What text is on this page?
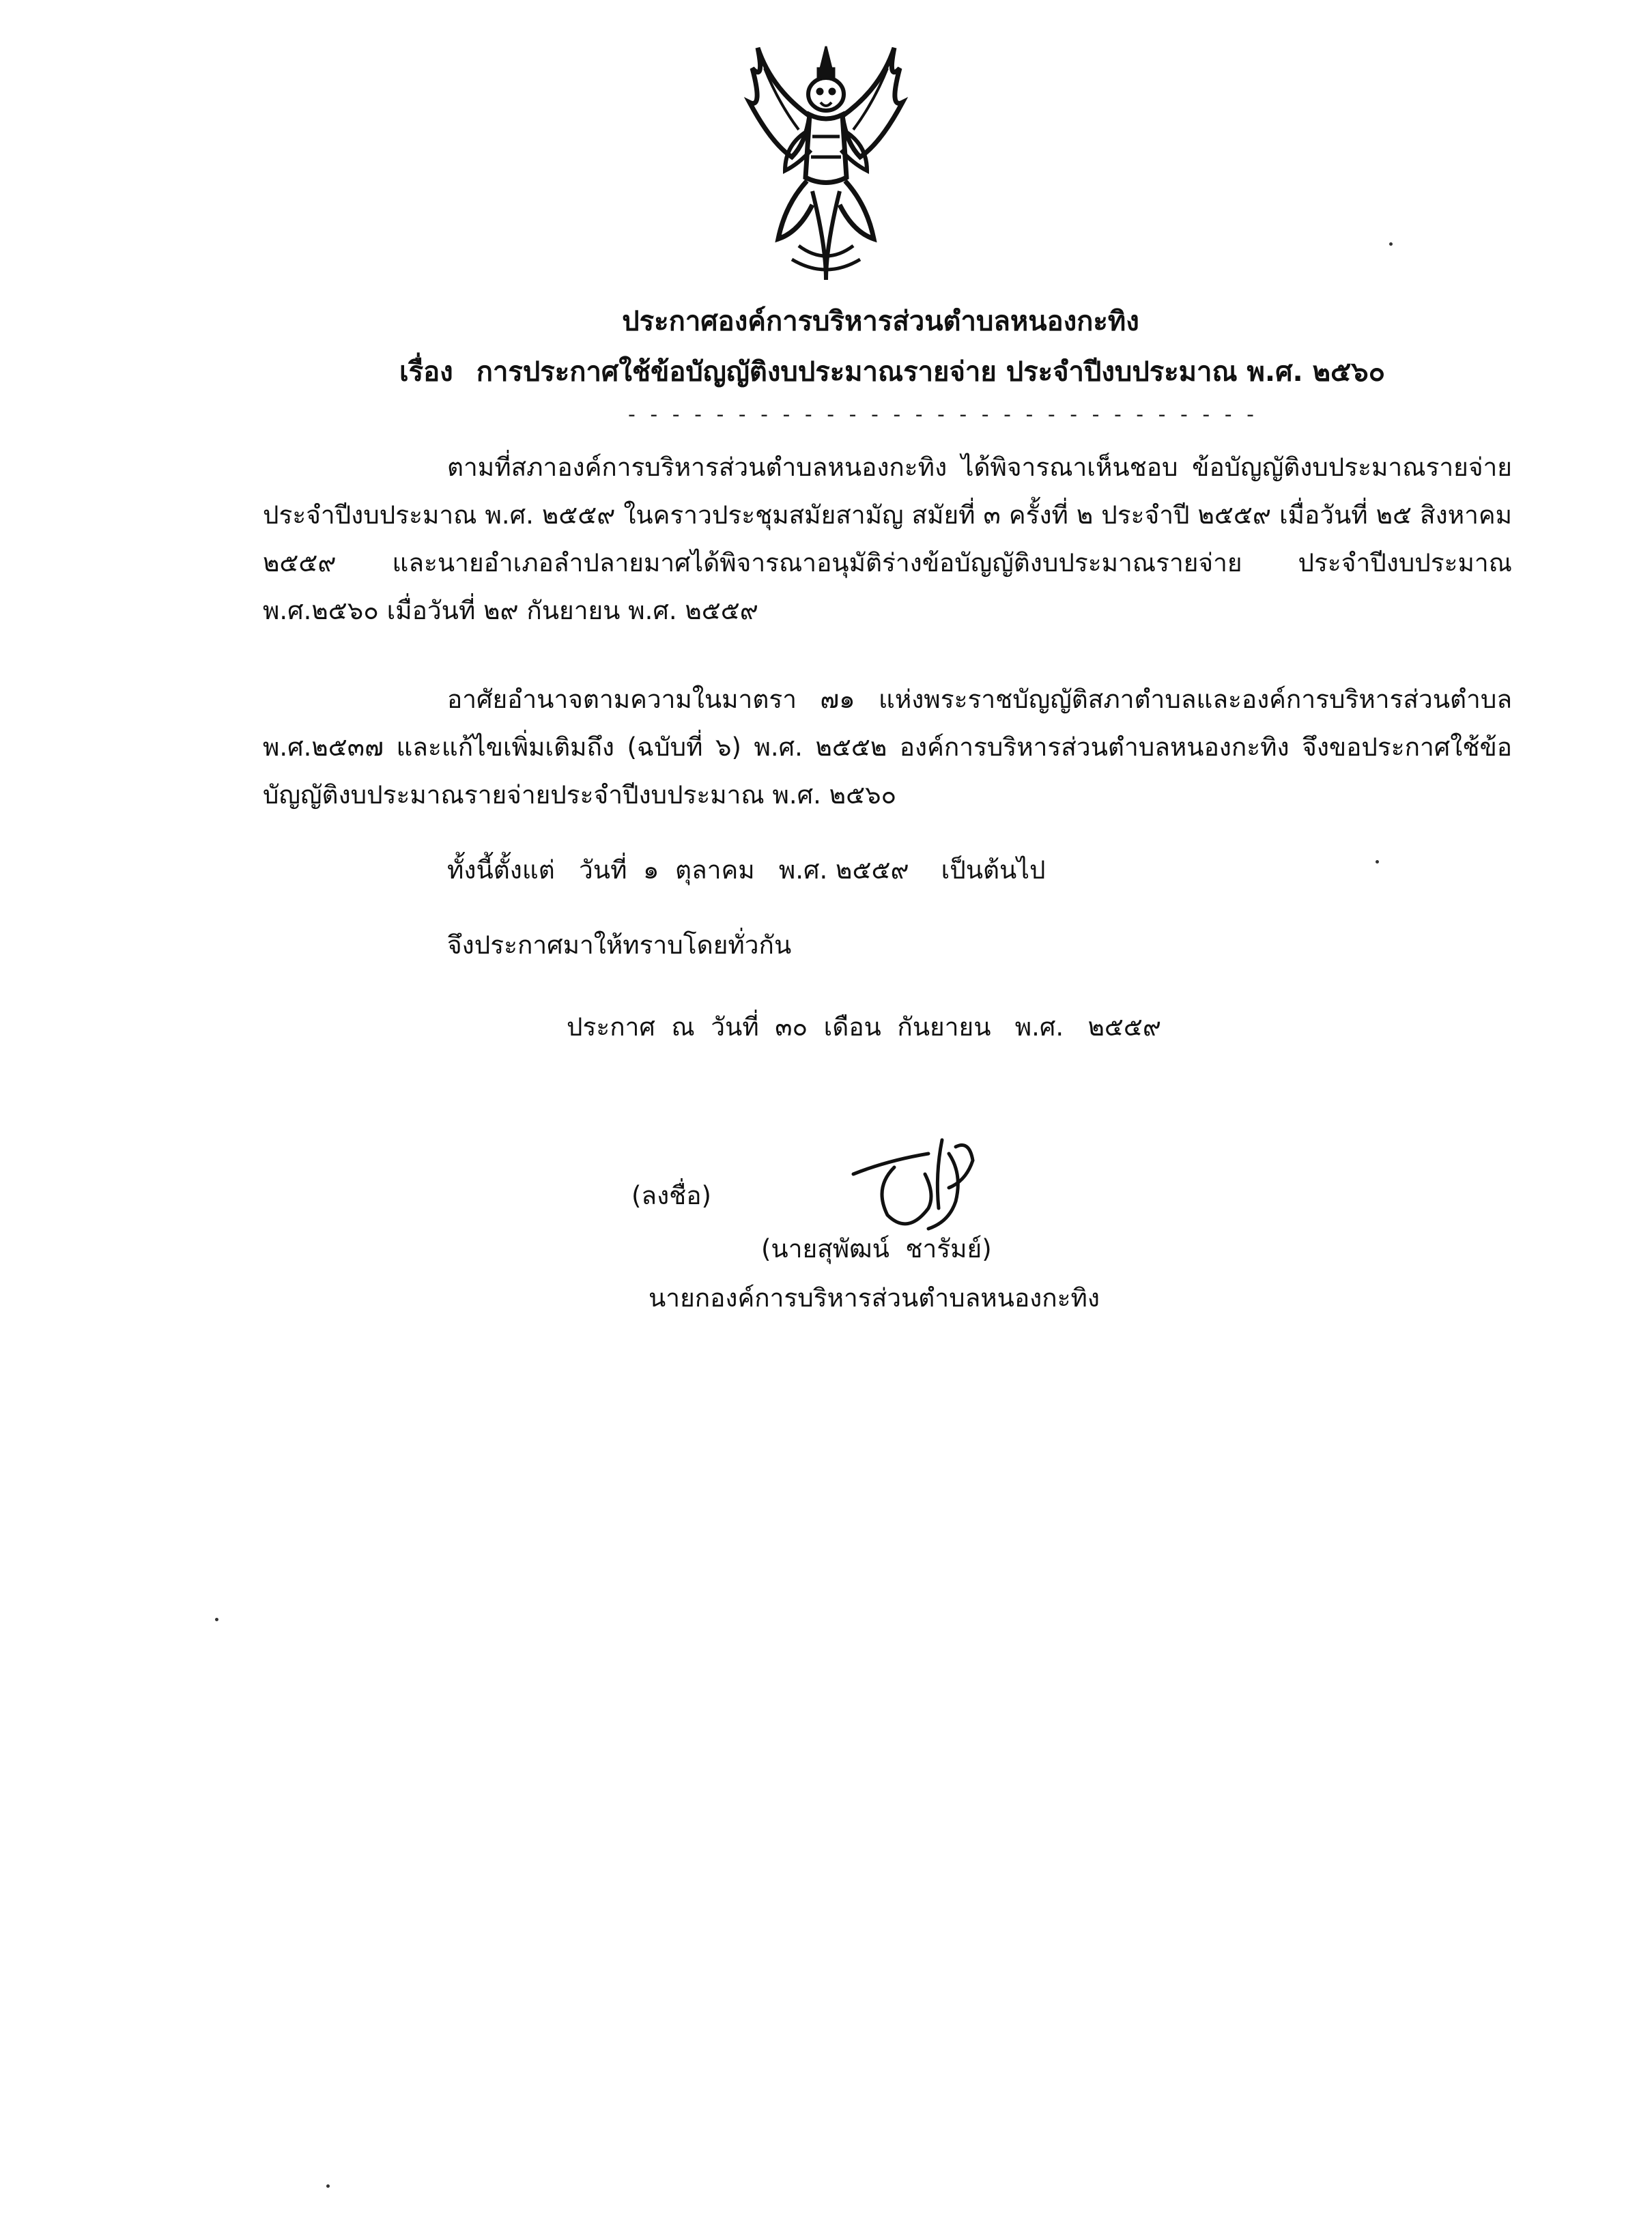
ประกาศองค์การบริหารส่วนตำบลหนองกะทิง
เรื่อง การประกาศใช้ข้อบัญญัติงบประมาณรายจ่าย ประจำปีงบประมาณ พ.ศ. ๒๕๖๐
- - - - - - - - - - - - - - - - - - - - - - - - - - - - -
ตามที่สภาองค์การบริหารส่วนตำบลหนองกะทิง ได้พิจารณาเห็นชอบ ข้อบัญญัติงบประมาณรายจ่าย ประจำปีงบประมาณ พ.ศ. ๒๕๕๙ ในคราวประชุมสมัยสามัญ สมัยที่ ๓ ครั้งที่ ๒ ประจำปี ๒๕๕๙ เมื่อวันที่ ๒๕ สิงหาคม ๒๕๕๙ และนายอำเภอลำปลายมาศได้พิจารณาอนุมัติร่างข้อบัญญัติงบประมาณรายจ่าย ประจำปีงบประมาณ พ.ศ.๒๕๖๐ เมื่อวันที่ ๒๙ กันยายน พ.ศ. ๒๕๕๙
อาศัยอำนาจตามความในมาตรา ๗๑ แห่งพระราชบัญญัติสภาตำบลและองค์การบริหารส่วนตำบล พ.ศ.๒๕๓๗ และแก้ไขเพิ่มเติมถึง (ฉบับที่ ๖) พ.ศ. ๒๕๕๒ องค์การบริหารส่วนตำบลหนองกะทิง จึงขอประกาศใช้ข้อบัญญัติงบประมาณรายจ่ายประจำปีงบประมาณ พ.ศ. ๒๕๖๐
ทั้งนี้ตั้งแต่   วันที่  ๑  ตุลาคม   พ.ศ. ๒๕๕๙    เป็นต้นไป
จึงประกาศมาให้ทราบโดยทั่วกัน
ประกาศ  ณ  วันที่  ๓๐  เดือน  กันยายน   พ.ศ.   ๒๕๕๙
(ลงชื่อ)
(นายสุพัฒน์  ชารัมย์)
นายกองค์การบริหารส่วนตำบลหนองกะทิง
